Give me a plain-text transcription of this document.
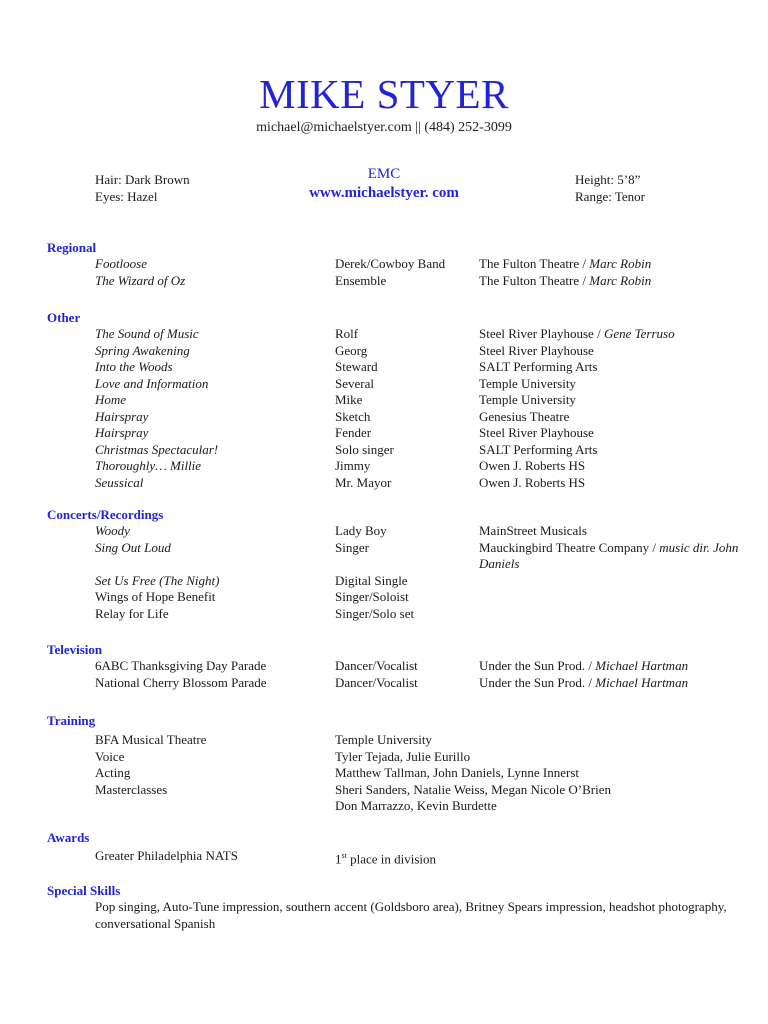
MIKE STYER
michael@michaelstyer.com || (484) 252-3099
Hair: Dark Brown
Eyes: Hazel
EMC
www.michaelstyer. com
Height: 5’8”
Range: Tenor
Regional
Footloose	Derek/Cowboy Band	The Fulton Theatre / Marc Robin
The Wizard of Oz	Ensemble	The Fulton Theatre / Marc Robin
Other
The Sound of Music	Rolf	Steel River Playhouse / Gene Terruso
Spring Awakening	Georg	Steel River Playhouse
Into the Woods	Steward	SALT Performing Arts
Love and Information	Several	Temple University
Home	Mike	Temple University
Hairspray	Sketch	Genesius Theatre
Hairspray	Fender	Steel River Playhouse
Christmas Spectacular!	Solo singer	SALT Performing Arts
Thoroughly… Millie	Jimmy	Owen J. Roberts HS
Seussical	Mr. Mayor	Owen J. Roberts HS
Concerts/Recordings
Woody	Lady Boy	MainStreet Musicals
Sing Out Loud	Singer	Mauckingbird Theatre Company / music dir. John Daniels
Set Us Free (The Night)	Digital Single
Wings of Hope Benefit	Singer/Soloist
Relay for Life	Singer/Solo set
Television
6ABC Thanksgiving Day Parade	Dancer/Vocalist	Under the Sun Prod. / Michael Hartman
National Cherry Blossom Parade	Dancer/Vocalist	Under the Sun Prod. / Michael Hartman
Training
BFA Musical Theatre	Temple University
Voice	Tyler Tejada, Julie Eurillo
Acting	Matthew Tallman, John Daniels, Lynne Innerst
Masterclasses	Sheri Sanders, Natalie Weiss, Megan Nicole O’Brien
Don Marrazzo, Kevin Burdette
Awards
Greater Philadelphia NATS	1st place in division
Special Skills
Pop singing, Auto-Tune impression, southern accent (Goldsboro area), Britney Spears impression, headshot photography, conversational Spanish
